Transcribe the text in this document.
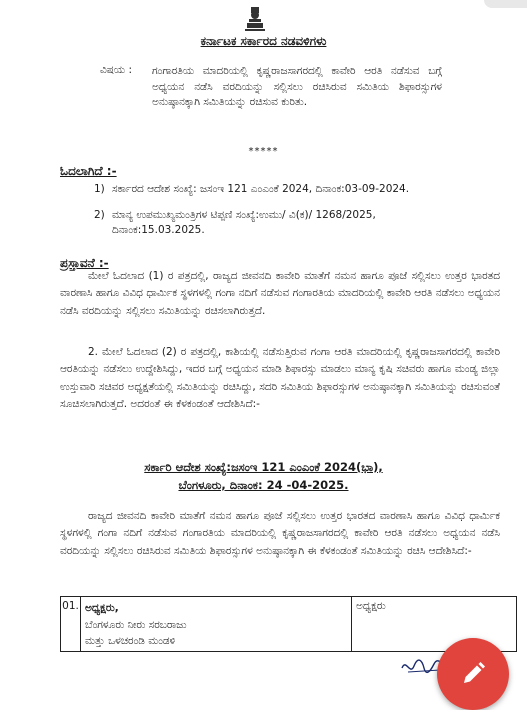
ಕರ್ನಾಟಕ ಸರ್ಕಾರದ ನಡವಳಿಗಳು
ವಿಷಯ : ಗಂಗಾರತಿಯ ಮಾದರಿಯಲ್ಲಿ ಕೃಷ್ಣರಾಜಸಾಗರದಲ್ಲಿ ಕಾವೇರಿ ಆರತಿ ನಡೆಸುವ ಬಗ್ಗೆ ಅಧ್ಯಯನ ನಡೆಸಿ ವರದಿಯನ್ನು ಸಲ್ಲಿಸಲು ರಚಿಸಿರುವ ಸಮಿತಿಯ ಶಿಫಾರಸ್ಸುಗಳ ಅನುಷ್ಠಾನಕ್ಕಾಗಿ ಸಮಿತಿಯನ್ನು ರಚಿಸುವ ಕುರಿತು.
*****
ಓದಲಾಗಿದೆ :-
1) ಸರ್ಕಾರದ ಆದೇಶ ಸಂಖ್ಯೆ: ಜಸಂಇ 121 ಎಂಎಂಕೆ 2024, ದಿನಾಂಕ:03-09-2024.
2) ಮಾನ್ಯ ಉಪಮುಖ್ಯಮಂತ್ರಿಗಳ ಟಿಪ್ಪಣಿ ಸಂಖ್ಯೆ:ಉಮು/ ವಿ(ಕ)/ 1268/2025, ದಿನಾಂಕ:15.03.2025.
ಪ್ರಸ್ತಾವನೆ :-
ಮೇಲೆ ಓದಲಾದ (1) ರ ಪತ್ರದಲ್ಲಿ, ರಾಜ್ಯದ ಜೀವನದಿ ಕಾವೇರಿ ಮಾತೆಗೆ ನಮನ ಹಾಗೂ ಪೂಜೆ ಸಲ್ಲಿಸಲು ಉತ್ತರ ಭಾರತದ ವಾರಣಾಸಿ ಹಾಗೂ ವಿವಿಧ ಧಾರ್ಮಿಕ ಸ್ಥಳಗಳಲ್ಲಿ ಗಂಗಾ ನದಿಗೆ ನಡೆಸುವ ಗಂಗಾರತಿಯ ಮಾದರಿಯಲ್ಲಿ ಕಾವೇರಿ ಆರತಿ ನಡೆಸಲು ಅಧ್ಯಯನ ನಡೆಸಿ ವರದಿಯನ್ನು ಸಲ್ಲಿಸಲು ಸಮಿತಿಯನ್ನು ರಚಿಸಲಾಗಿರುತ್ತದೆ.
2. ಮೇಲೆ ಓದಲಾದ (2) ರ ಪತ್ರದಲ್ಲಿ, ಕಾಶಿಯಲ್ಲಿ ನಡೆಸುತ್ತಿರುವ ಗಂಗಾ ಆರತಿ ಮಾದರಿಯಲ್ಲಿ ಕೃಷ್ಣರಾಜಸಾಗರದಲ್ಲಿ ಕಾವೇರಿ ಆರತಿಯನ್ನು ನಡೆಸಲು ಉದ್ದೇಶಿಸಿದ್ದು, ಇದರ ಬಗ್ಗೆ ಅಧ್ಯಯನ ಮಾಡಿ ಶಿಫಾರಸ್ಸು ಮಾಡಲು ಮಾನ್ಯ ಕೃಷಿ ಸಚಿವರು ಹಾಗೂ ಮಂಡ್ಯ ಜಿಲ್ಲಾ ಉಸ್ತುವಾರಿ ಸಚಿವರ ಅಧ್ಯಕ್ಷತೆಯಲ್ಲಿ ಸಮಿತಿಯನ್ನು ರಚಿಸಿದ್ದು, ಸದರಿ ಸಮಿತಿಯ ಶಿಫಾರಸ್ಸುಗಳ ಅನುಷ್ಠಾನಕ್ಕಾಗಿ ಸಮಿತಿಯನ್ನು ರಚಿಸುವಂತೆ ಸೂಚಿಸಲಾಗಿರುತ್ತದೆ. ಅದರಂತೆ ಈ ಕೆಳಕಂಡಂತೆ ಆದೇಶಿಸಿದೆ:-
ಸರ್ಕಾರಿ ಆದೇಶ ಸಂಖ್ಯೆ:ಜಸಂಇ 121 ಎಂಎಂಕೆ 2024(ಭಾ),
ಬೆಂಗಳೂರು, ದಿನಾಂಕ: 24 -04-2025.
ರಾಜ್ಯದ ಜೀವನದಿ ಕಾವೇರಿ ಮಾತೆಗೆ ನಮನ ಹಾಗೂ ಪೂಜೆ ಸಲ್ಲಿಸಲು ಉತ್ತರ ಭಾರತದ ವಾರಣಾಸಿ ಹಾಗೂ ವಿವಿಧ ಧಾರ್ಮಿಕ ಸ್ಥಳಗಳಲ್ಲಿ ಗಂಗಾ ನದಿಗೆ ನಡೆಸುವ ಗಂಗಾರತಿಯ ಮಾದರಿಯಲ್ಲಿ ಕೃಷ್ಣರಾಜಸಾಗರದಲ್ಲಿ ಕಾವೇರಿ ಆರತಿ ನಡೆಸಲು ಅಧ್ಯಯನ ನಡೆಸಿ ವರದಿಯನ್ನು ಸಲ್ಲಿಸಲು ರಚಿಸಿರುವ ಸಮಿತಿಯ ಶಿಫಾರಸ್ಸುಗಳ ಅನುಷ್ಠಾನಕ್ಕಾಗಿ ಈ ಕೆಳಕಂಡಂತೆ ಸಮಿತಿಯನ್ನು ರಚಿಸಿ ಆದೇಶಿಸಿದೆ:-
01. ಅಧ್ಯಕ್ಷರು,
ಬೆಂಗಳೂರು ನೀರು ಸರಬರಾಜು
ಮತ್ತು ಒಳಚರಂಡಿ ಮಂಡಳಿ
ಅಧ್ಯಕ್ಷರು
